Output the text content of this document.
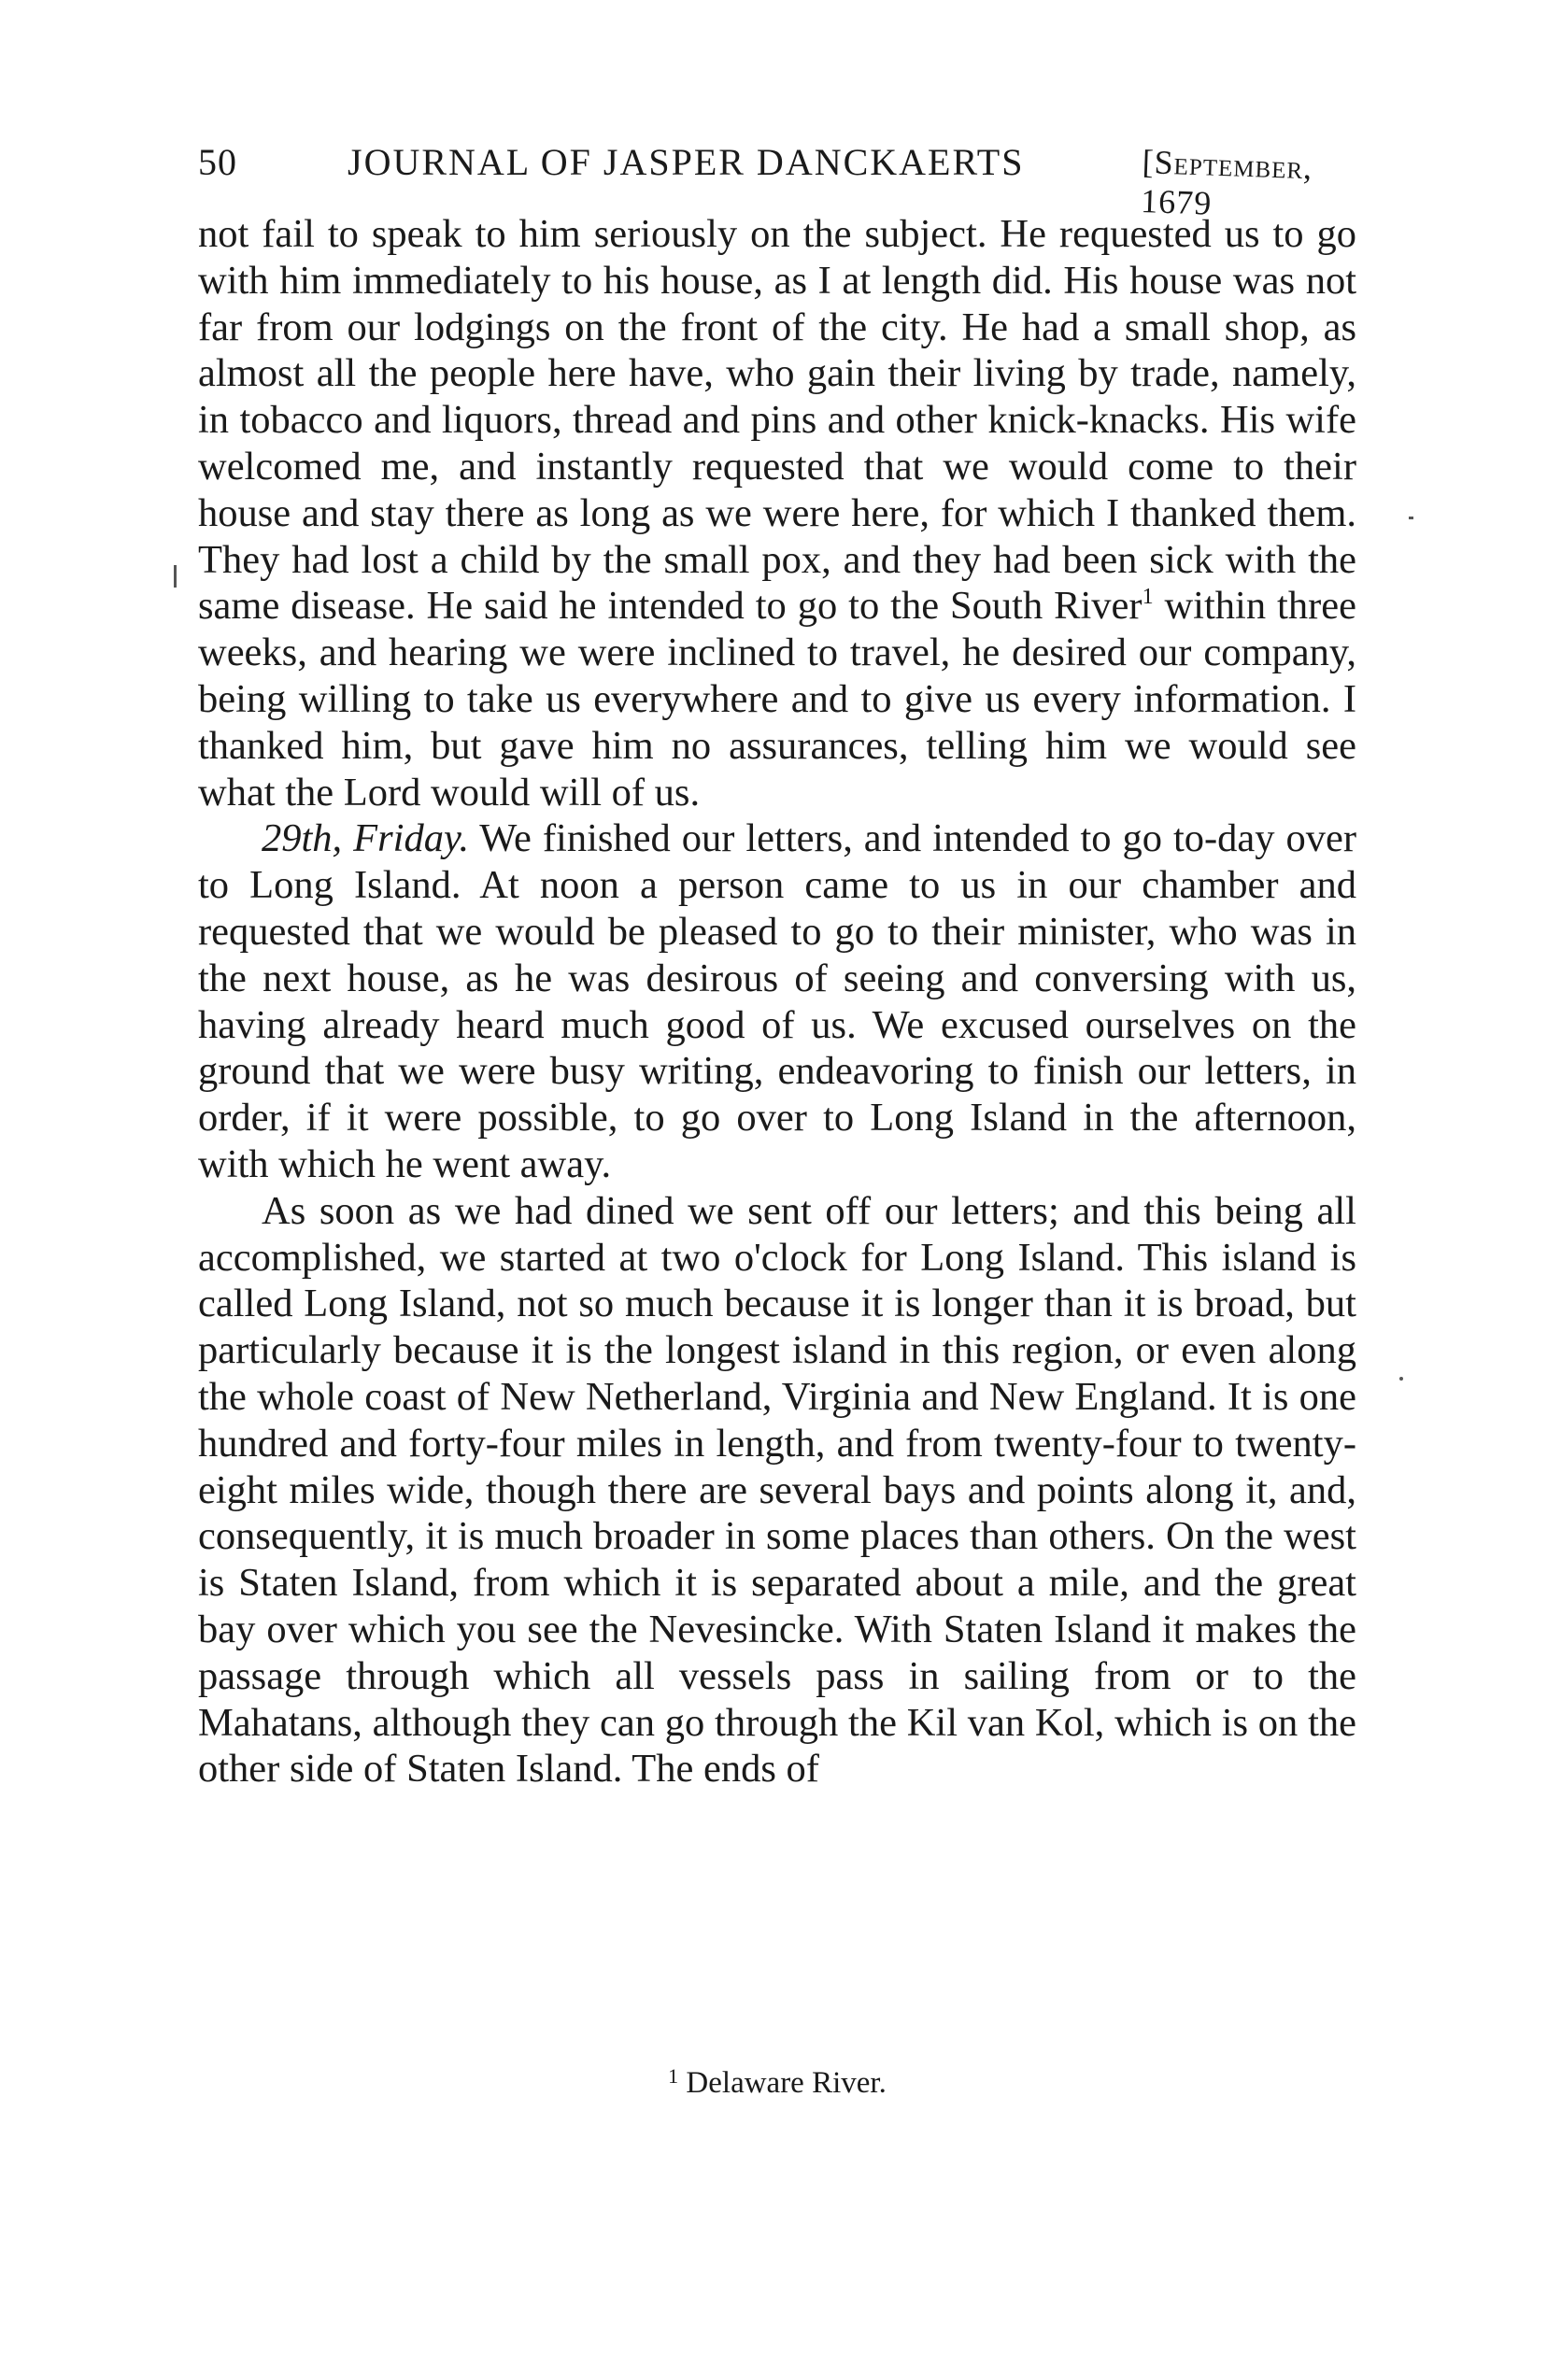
50	JOURNAL OF JASPER DANCKAERTS	[September, 1679

not fail to speak to him seriously on the subject. He requested us to go with him immediately to his house, as I at length did. His house was not far from our lodgings on the front of the city. He had a small shop, as almost all the people here have, who gain their living by trade, namely, in tobacco and liquors, thread and pins and other knick-knacks. His wife welcomed me, and instantly requested that we would come to their house and stay there as long as we were here, for which I thanked them. They had lost a child by the small pox, and they had been sick with the same disease. He said he intended to go to the South River$^1$ within three weeks, and hearing we were inclined to travel, he desired our company, being willing to take us everywhere and to give us every information. I thanked him, but gave him no assurances, telling him we would see what the Lord would will of us.

29th, Friday. We finished our letters, and intended to go to-day over to Long Island. At noon a person came to us in our chamber and requested that we would be pleased to go to their minister, who was in the next house, as he was desirous of seeing and conversing with us, having already heard much good of us. We excused ourselves on the ground that we were busy writing, endeavoring to finish our letters, in order, if it were possible, to go over to Long Island in the afternoon, with which he went away.

As soon as we had dined we sent off our letters; and this being all accomplished, we started at two o'clock for Long Island. This island is called Long Island, not so much because it is longer than it is broad, but particularly because it is the longest island in this region, or even along the whole coast of New Netherland, Virginia and New England. It is one hundred and forty-four miles in length, and from twenty-four to twenty-eight miles wide, though there are several bays and points along it, and, consequently, it is much broader in some places than others. On the west is Staten Island, from which it is separated about a mile, and the great bay over which you see the Nevesincke. With Staten Island it makes the passage through which all vessels pass in sailing from or to the Mahatans, although they can go through the Kil van Kol, which is on the other side of Staten Island. The ends of

$^1$ Delaware River.
